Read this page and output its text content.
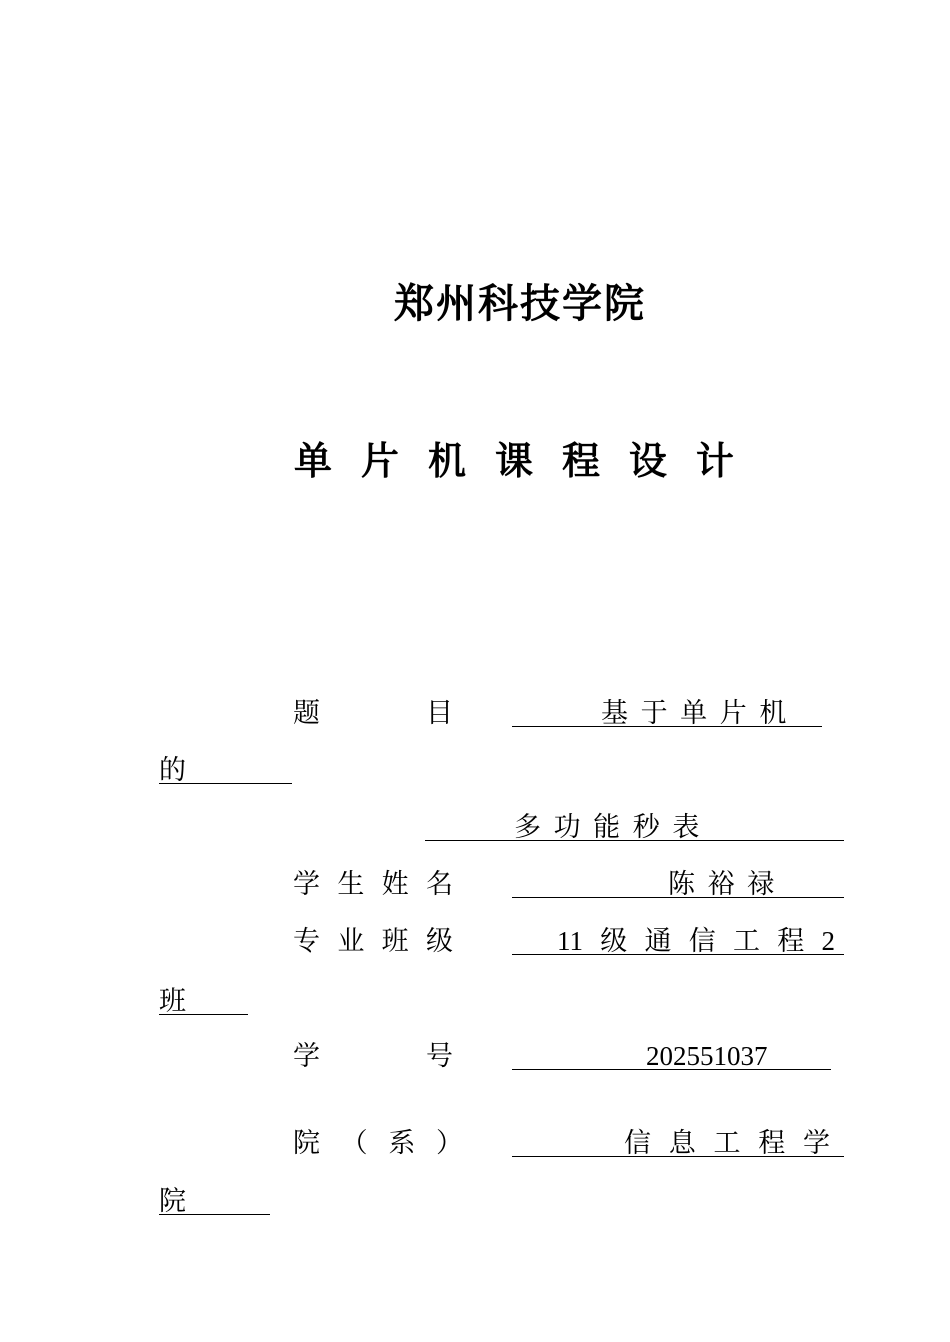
郑州科技学院
单 片 机 课 程 设 计
题	目	基 于 单 片 机
的
多 功 能 秒 表
学 生 姓 名	陈 裕 禄
专 业 班 级	11 级 通 信 工 程 2
班
学	号	202551037
院 （ 系 ）	信 息 工 程 学
院
